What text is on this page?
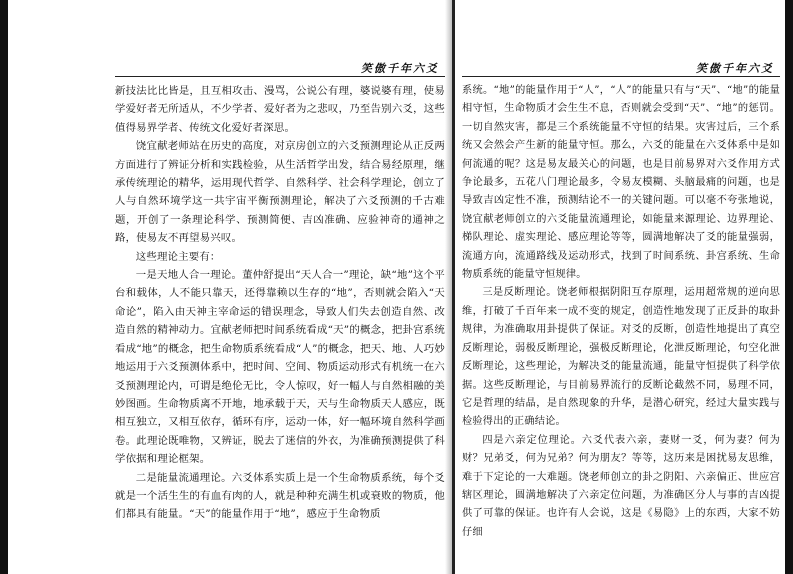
笑傲千年六爻

新技法比比皆是，且互相攻击、漫骂，公说公有理，婆说婆有理，使易学爱好者无所适从，不少学者、爱好者为之悲叹，乃至告别六爻，这些值得易界学者、传统文化爱好者深思。

饶宜献老师站在历史的高度，对京房创立的六爻预测理论从正反两方面进行了辨证分析和实践检验，从生活哲学出发，结合易经原理，继承传统理论的精华，运用现代哲学、自然科学、社会科学理论，创立了人与自然环境学这一共宇宙平衡预测理论，解决了六爻预测的千古难题，开创了一条理论科学、预测简便、吉凶准确、应验神奇的通神之路，使易友不再望易兴叹。

这些理论主要有：

一是天地人合一理论。董仲舒提出“天人合一”理论，缺“地”这个平台和载体，人不能只靠天，还得靠赖以生存的“地”，否则就会陷入“天命论”，陷入由天神主宰命运的错误理念，导致人们失去创造自然、改造自然的精神动力。宜献老师把时间系统看成“天”的概念，把卦宫系统看成“地”的概念，把生命物质系统看成“人”的概念，把天、地、人巧妙地运用于六爻预测体系中，把时间、空间、物质运动形式有机统一在六爻预测理论内，可谓是绝伦无比，令人惊叹，好一幅人与自然相融的美妙图画。生命物质离不开地，地承载于天，天与生命物质天人感应，既相互独立，又相互依存，循环有序，运动一体，好一幅环境自然科学画卷。此理论既唯物，又辨证，脱去了迷信的外衣，为准确预测提供了科学依据和理论框架。

二是能量流通理论。六爻体系实质上是一个生命物质系统，每个爻就是一个活生生的有血有肉的人，就是种种充满生机或衰败的物质，他们都具有能量。“天”的能量作用于“地”，感应于生命物质

笑傲千年六爻

系统。“地”的能量作用于“人”，“人”的能量只有与“天”、“地”的能量相守恒，生命物质才会生生不息，否则就会受到“天”、“地”的惩罚。一切自然灾害，都是三个系统能量不守恒的结果。灾害过后，三个系统又会然会产生新的能量守恒。那么，六爻的能量在六爻体系中是如何流通的呢？这是易友最关心的问题，也是目前易界对六爻作用方式争论最多，五花八门理论最多，令易友模糊、头脑最痛的问题，也是导致吉凶定性不准，预测结论不一的关键问题。可以毫不夸张地说，饶宜献老师创立的六爻能量流通理论，如能量来源理论、边界理论、梯队理论、虚实理论、感应理论等等，圆满地解决了爻的能量强弱，流通方向，流通路线及运动形式，找到了时间系统、卦宫系统、生命物质系统的能量守恒规律。

三是反断理论。饶老师根据阴阳互存原理，运用超常规的逆向思维，打破了千百年来一成不变的规定，创造性地发现了正反卦的取卦规律，为准确取用卦提供了保证。对爻的反断，创造性地提出了真空反断理论，弱极反断理论，强极反断理论，化泄反断理论，句空化泄反断理论，这些理论，为解决爻的能量流通，能量守恒提供了科学依据。这些反断理论，与目前易界流行的反断论截然不同，易理不同，它是哲理的结晶，是自然现象的升华，是潜心研究，经过大量实践与检验得出的正确结论。

四是六亲定位理论。六爻代表六亲，妻财一爻，何为妻？何为财？兄弟爻，何为兄弟？何为朋友？等等，这历来是困扰易友思维，难于下定论的一大难题。饶老师创立的卦之阴阳、六亲偏正、世应宫辖区理论，圆满地解决了六亲定位问题，为准确区分人与事的吉凶提供了可靠的保证。也许有人会说，这是《易隐》上的东西，大家不妨仔细
